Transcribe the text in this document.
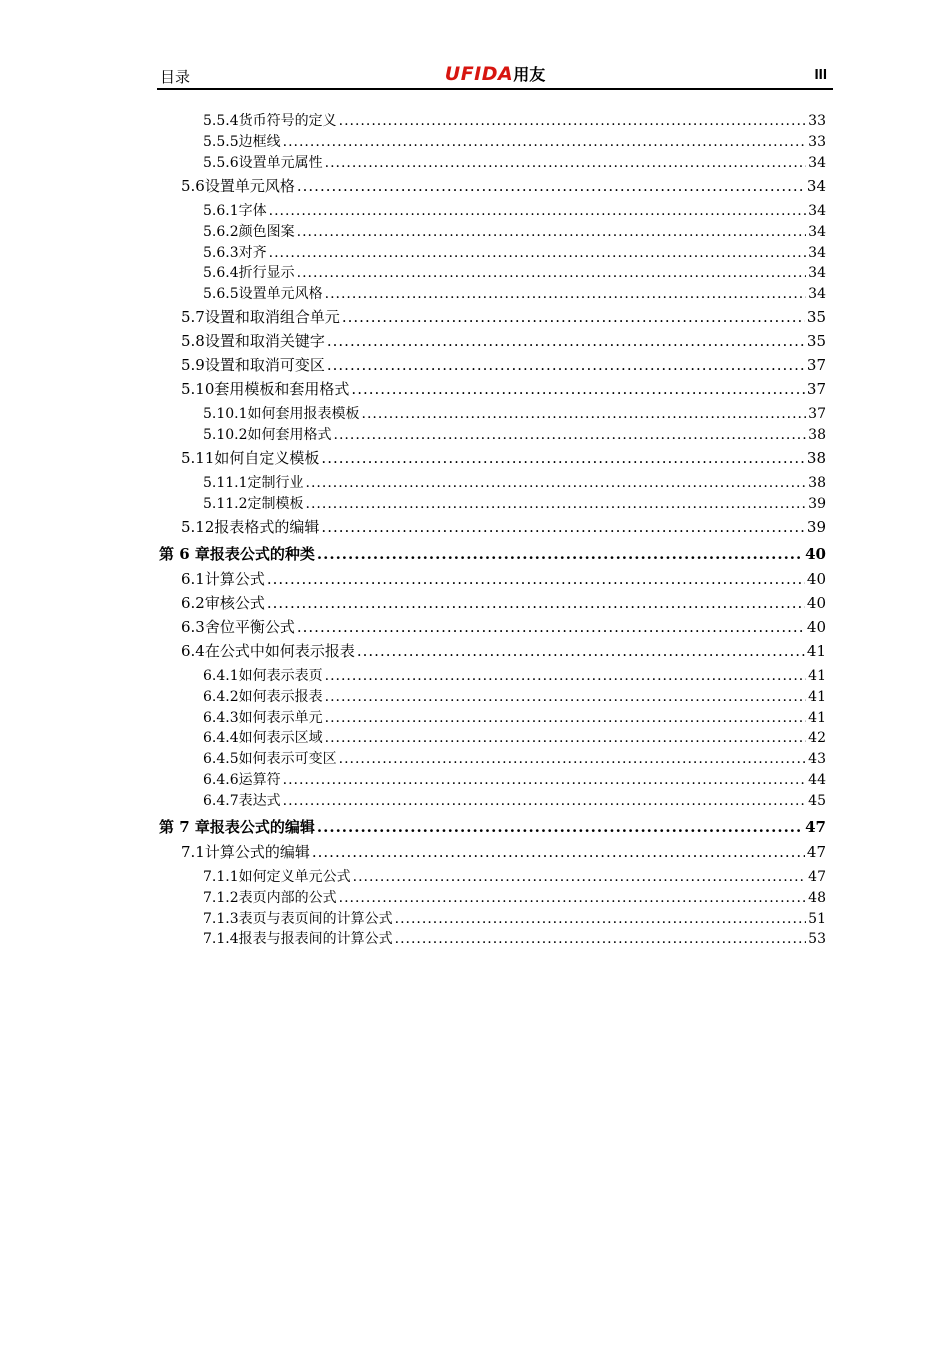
目录	UFIDA用友	III
5.5.4 货币符号的定义 .....	33
5.5.5 边框线 .....	33
5.5.6 设置单元属性 .....	34
5.6 设置单元风格 .....	34
5.6.1 字体 .....	34
5.6.2 颜色图案 .....	34
5.6.3 对齐 .....	34
5.6.4 折行显示 .....	34
5.6.5 设置单元风格 .....	34
5.7 设置和取消组合单元 .....	35
5.8 设置和取消关键字 .....	35
5.9 设置和取消可变区 .....	37
5.10 套用模板和套用格式 .....	37
5.10.1 如何套用报表模板 .....	37
5.10.2 如何套用格式 .....	38
5.11 如何自定义模板 .....	38
5.11.1 定制行业 .....	38
5.11.2 定制模板 .....	39
5.12 报表格式的编辑 .....	39
第 6 章 报表公式的种类 .....	40
6.1 计算公式 .....	40
6.2 审核公式 .....	40
6.3 舍位平衡公式 .....	40
6.4 在公式中如何表示报表 .....	41
6.4.1 如何表示表页 .....	41
6.4.2 如何表示报表 .....	41
6.4.3 如何表示单元 .....	41
6.4.4 如何表示区域 .....	42
6.4.5 如何表示可变区 .....	43
6.4.6 运算符 .....	44
6.4.7 表达式 .....	45
第 7 章 报表公式的编辑 .....	47
7.1 计算公式的编辑 .....	47
7.1.1 如何定义单元公式 .....	47
7.1.2 表页内部的公式 .....	48
7.1.3 表页与表页间的计算公式 .....	51
7.1.4 报表与报表间的计算公式 .....	53
